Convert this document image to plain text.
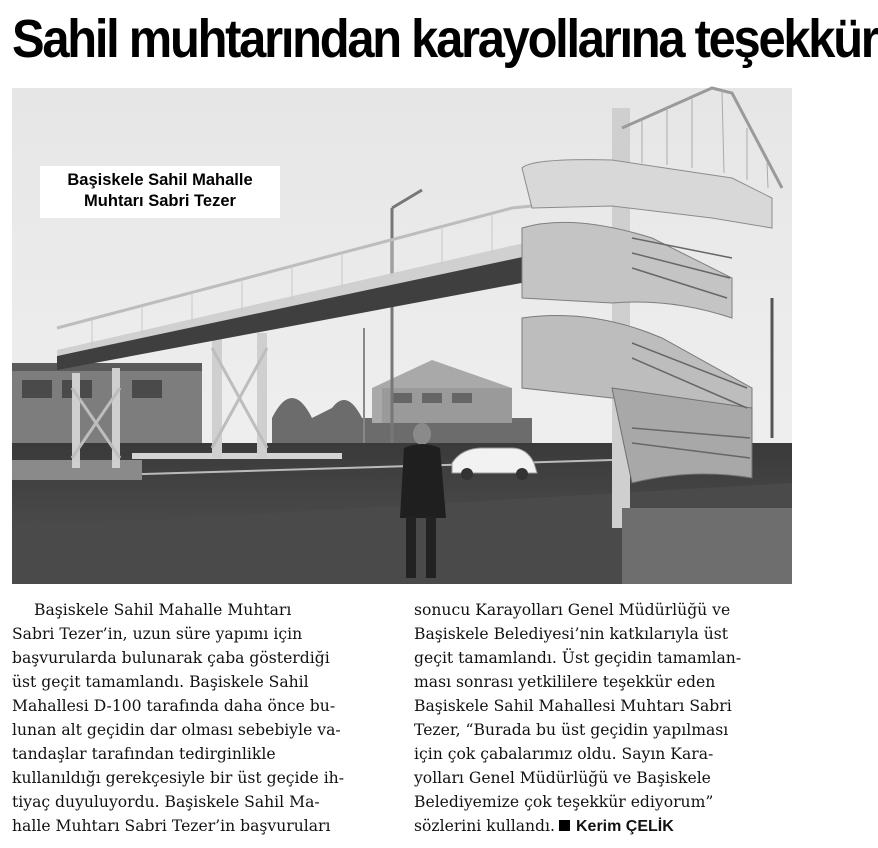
Sahil muhtarından karayollarına teşekkür
Başiskele Sahil Mahalle
Muhtarı Sabri Tezer
Başiskele Sahil Mahalle Muhtarı
Sabri Tezer’in, uzun süre yapımı için
başvurularda bulunarak çaba gösterdiği
üst geçit tamamlandı. Başiskele Sahil
Mahallesi D-100 tarafında daha önce bu-
lunan alt geçidin dar olması sebebiyle va-
tandaşlar tarafından tedirginlikle
kullanıldığı gerekçesiyle bir üst geçide ih-
tiyaç duyuluyordu. Başiskele Sahil Ma-
halle Muhtarı Sabri Tezer’in başvuruları
sonucu Karayolları Genel Müdürlüğü ve
Başiskele Belediyesi’nin katkılarıyla üst
geçit tamamlandı. Üst geçidin tamamlan-
ması sonrası yetkililere teşekkür eden
Başiskele Sahil Mahallesi Muhtarı Sabri
Tezer, “Burada bu üst geçidin yapılması
için çok çabalarımız oldu. Sayın Kara-
yolları Genel Müdürlüğü ve Başiskele
Belediyemize çok teşekkür ediyorum”
sözlerini kullandı. Kerim ÇELİK
